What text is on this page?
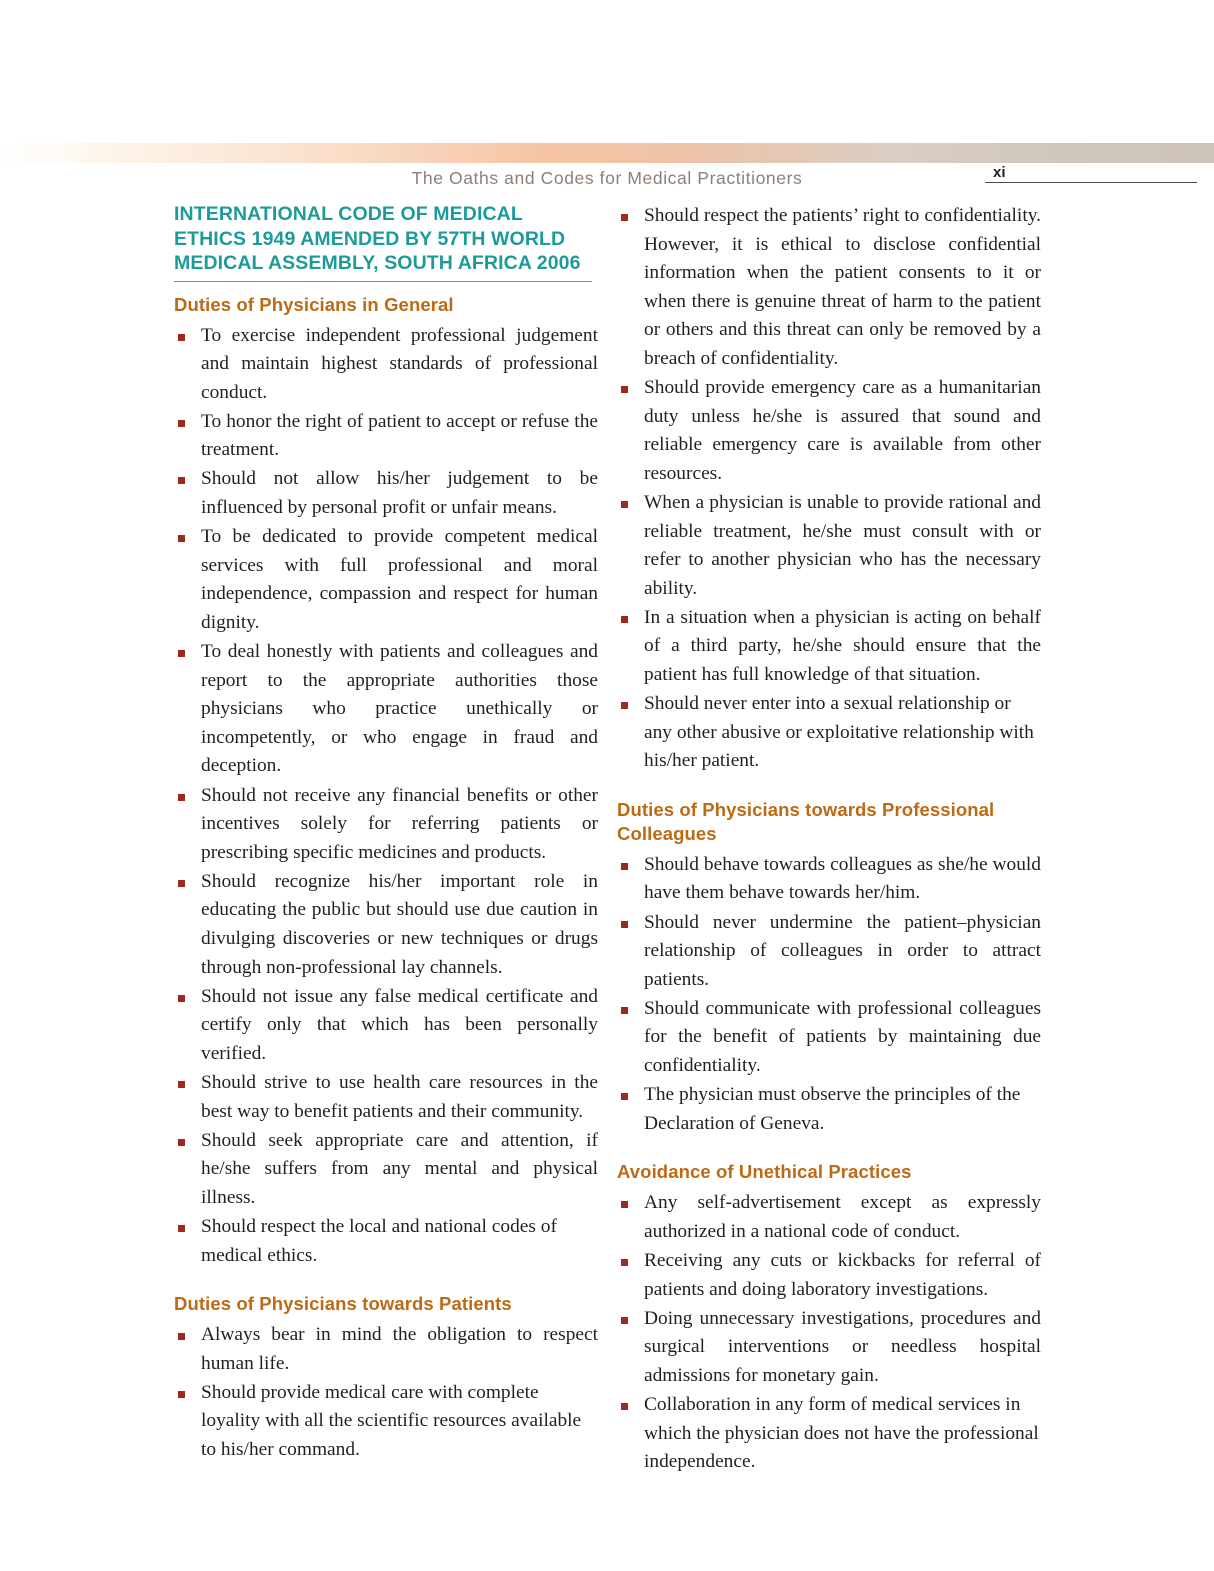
The Oaths and Codes for Medical Practitioners	xi
INTERNATIONAL CODE OF MEDICAL ETHICS 1949 AMENDED BY 57TH WORLD MEDICAL ASSEMBLY, SOUTH AFRICA 2006
Duties of Physicians in General
To exercise independent professional judgement and maintain highest standards of professional conduct.
To honor the right of patient to accept or refuse the treatment.
Should not allow his/her judgement to be influenced by personal profit or unfair means.
To be dedicated to provide competent medical services with full professional and moral independence, compassion and respect for human dignity.
To deal honestly with patients and colleagues and report to the appropriate authorities those physicians who practice unethically or incompetently, or who engage in fraud and deception.
Should not receive any financial benefits or other incentives solely for referring patients or prescribing specific medicines and products.
Should recognize his/her important role in educating the public but should use due caution in divulging discoveries or new techniques or drugs through non-professional lay channels.
Should not issue any false medical certificate and certify only that which has been personally verified.
Should strive to use health care resources in the best way to benefit patients and their community.
Should seek appropriate care and attention, if he/she suffers from any mental and physical illness.
Should respect the local and national codes of medical ethics.
Duties of Physicians towards Patients
Always bear in mind the obligation to respect human life.
Should provide medical care with complete loyality with all the scientific resources available to his/her command.
Should respect the patients’ right to confidentiality. However, it is ethical to disclose confidential information when the patient consents to it or when there is genuine threat of harm to the patient or others and this threat can only be removed by a breach of confidentiality.
Should provide emergency care as a humanitarian duty unless he/she is assured that sound and reliable emergency care is available from other resources.
When a physician is unable to provide rational and reliable treatment, he/she must consult with or refer to another physician who has the necessary ability.
In a situation when a physician is acting on behalf of a third party, he/she should ensure that the patient has full knowledge of that situation.
Should never enter into a sexual relationship or any other abusive or exploitative relationship with his/her patient.
Duties of Physicians towards Professional Colleagues
Should behave towards colleagues as she/he would have them behave towards her/him.
Should never undermine the patient–physician relationship of colleagues in order to attract patients.
Should communicate with professional colleagues for the benefit of patients by maintaining due confidentiality.
The physician must observe the principles of the Declaration of Geneva.
Avoidance of Unethical Practices
Any self-advertisement except as expressly authorized in a national code of conduct.
Receiving any cuts or kickbacks for referral of patients and doing laboratory investigations.
Doing unnecessary investigations, procedures and surgical interventions or needless hospital admissions for monetary gain.
Collaboration in any form of medical services in which the physician does not have the professional independence.
